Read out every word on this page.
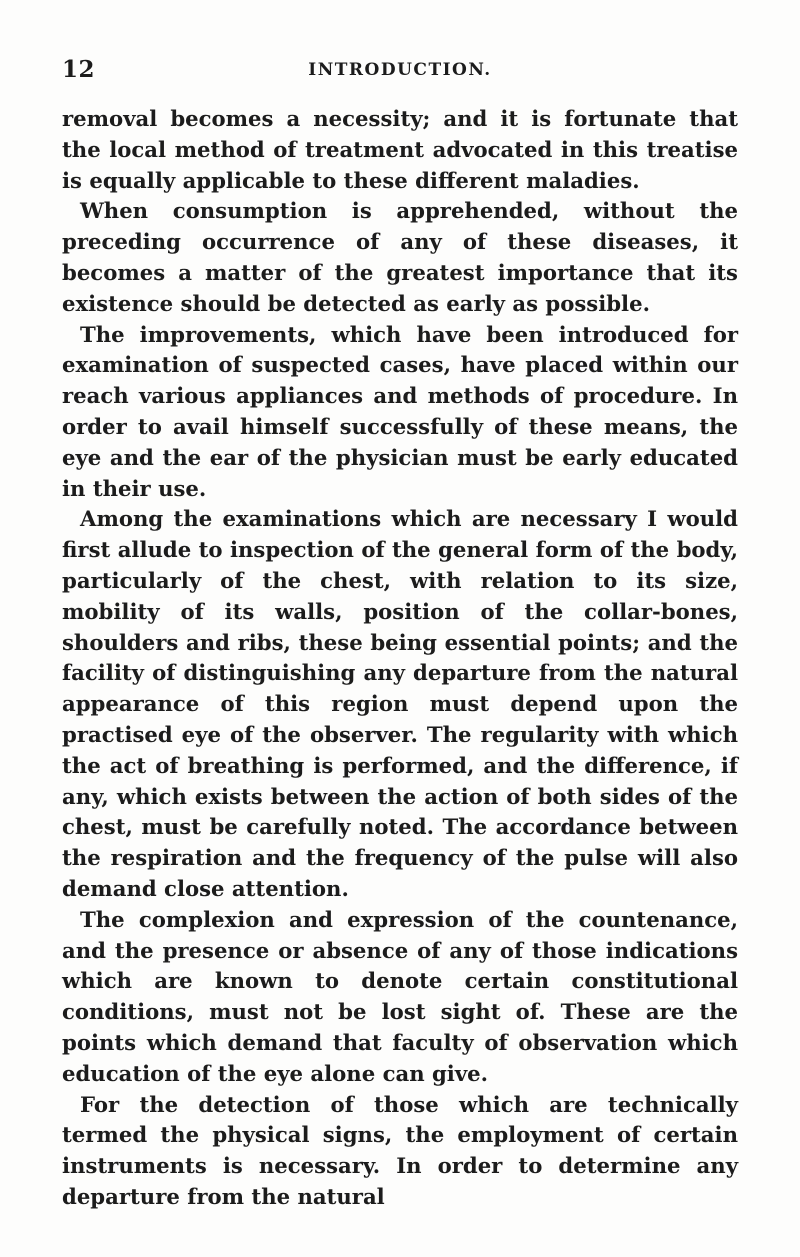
12	INTRODUCTION.

removal becomes a necessity; and it is fortunate that the local method of treatment advocated in this treatise is equally applicable to these different maladies.

When consumption is apprehended, without the preceding occurrence of any of these diseases, it becomes a matter of the greatest importance that its existence should be detected as early as possible.

The improvements, which have been introduced for examination of suspected cases, have placed within our reach various appliances and methods of procedure. In order to avail himself successfully of these means, the eye and the ear of the physician must be early educated in their use.

Among the examinations which are necessary I would first allude to inspection of the general form of the body, particularly of the chest, with relation to its size, mobility of its walls, position of the collar-bones, shoulders and ribs, these being essential points; and the facility of distinguishing any departure from the natural appearance of this region must depend upon the practised eye of the observer. The regularity with which the act of breathing is performed, and the difference, if any, which exists between the action of both sides of the chest, must be carefully noted. The accordance between the respiration and the frequency of the pulse will also demand close attention.

The complexion and expression of the countenance, and the presence or absence of any of those indications which are known to denote certain constitutional conditions, must not be lost sight of. These are the points which demand that faculty of observation which education of the eye alone can give.

For the detection of those which are technically termed the physical signs, the employment of certain instruments is necessary. In order to determine any departure from the natural
